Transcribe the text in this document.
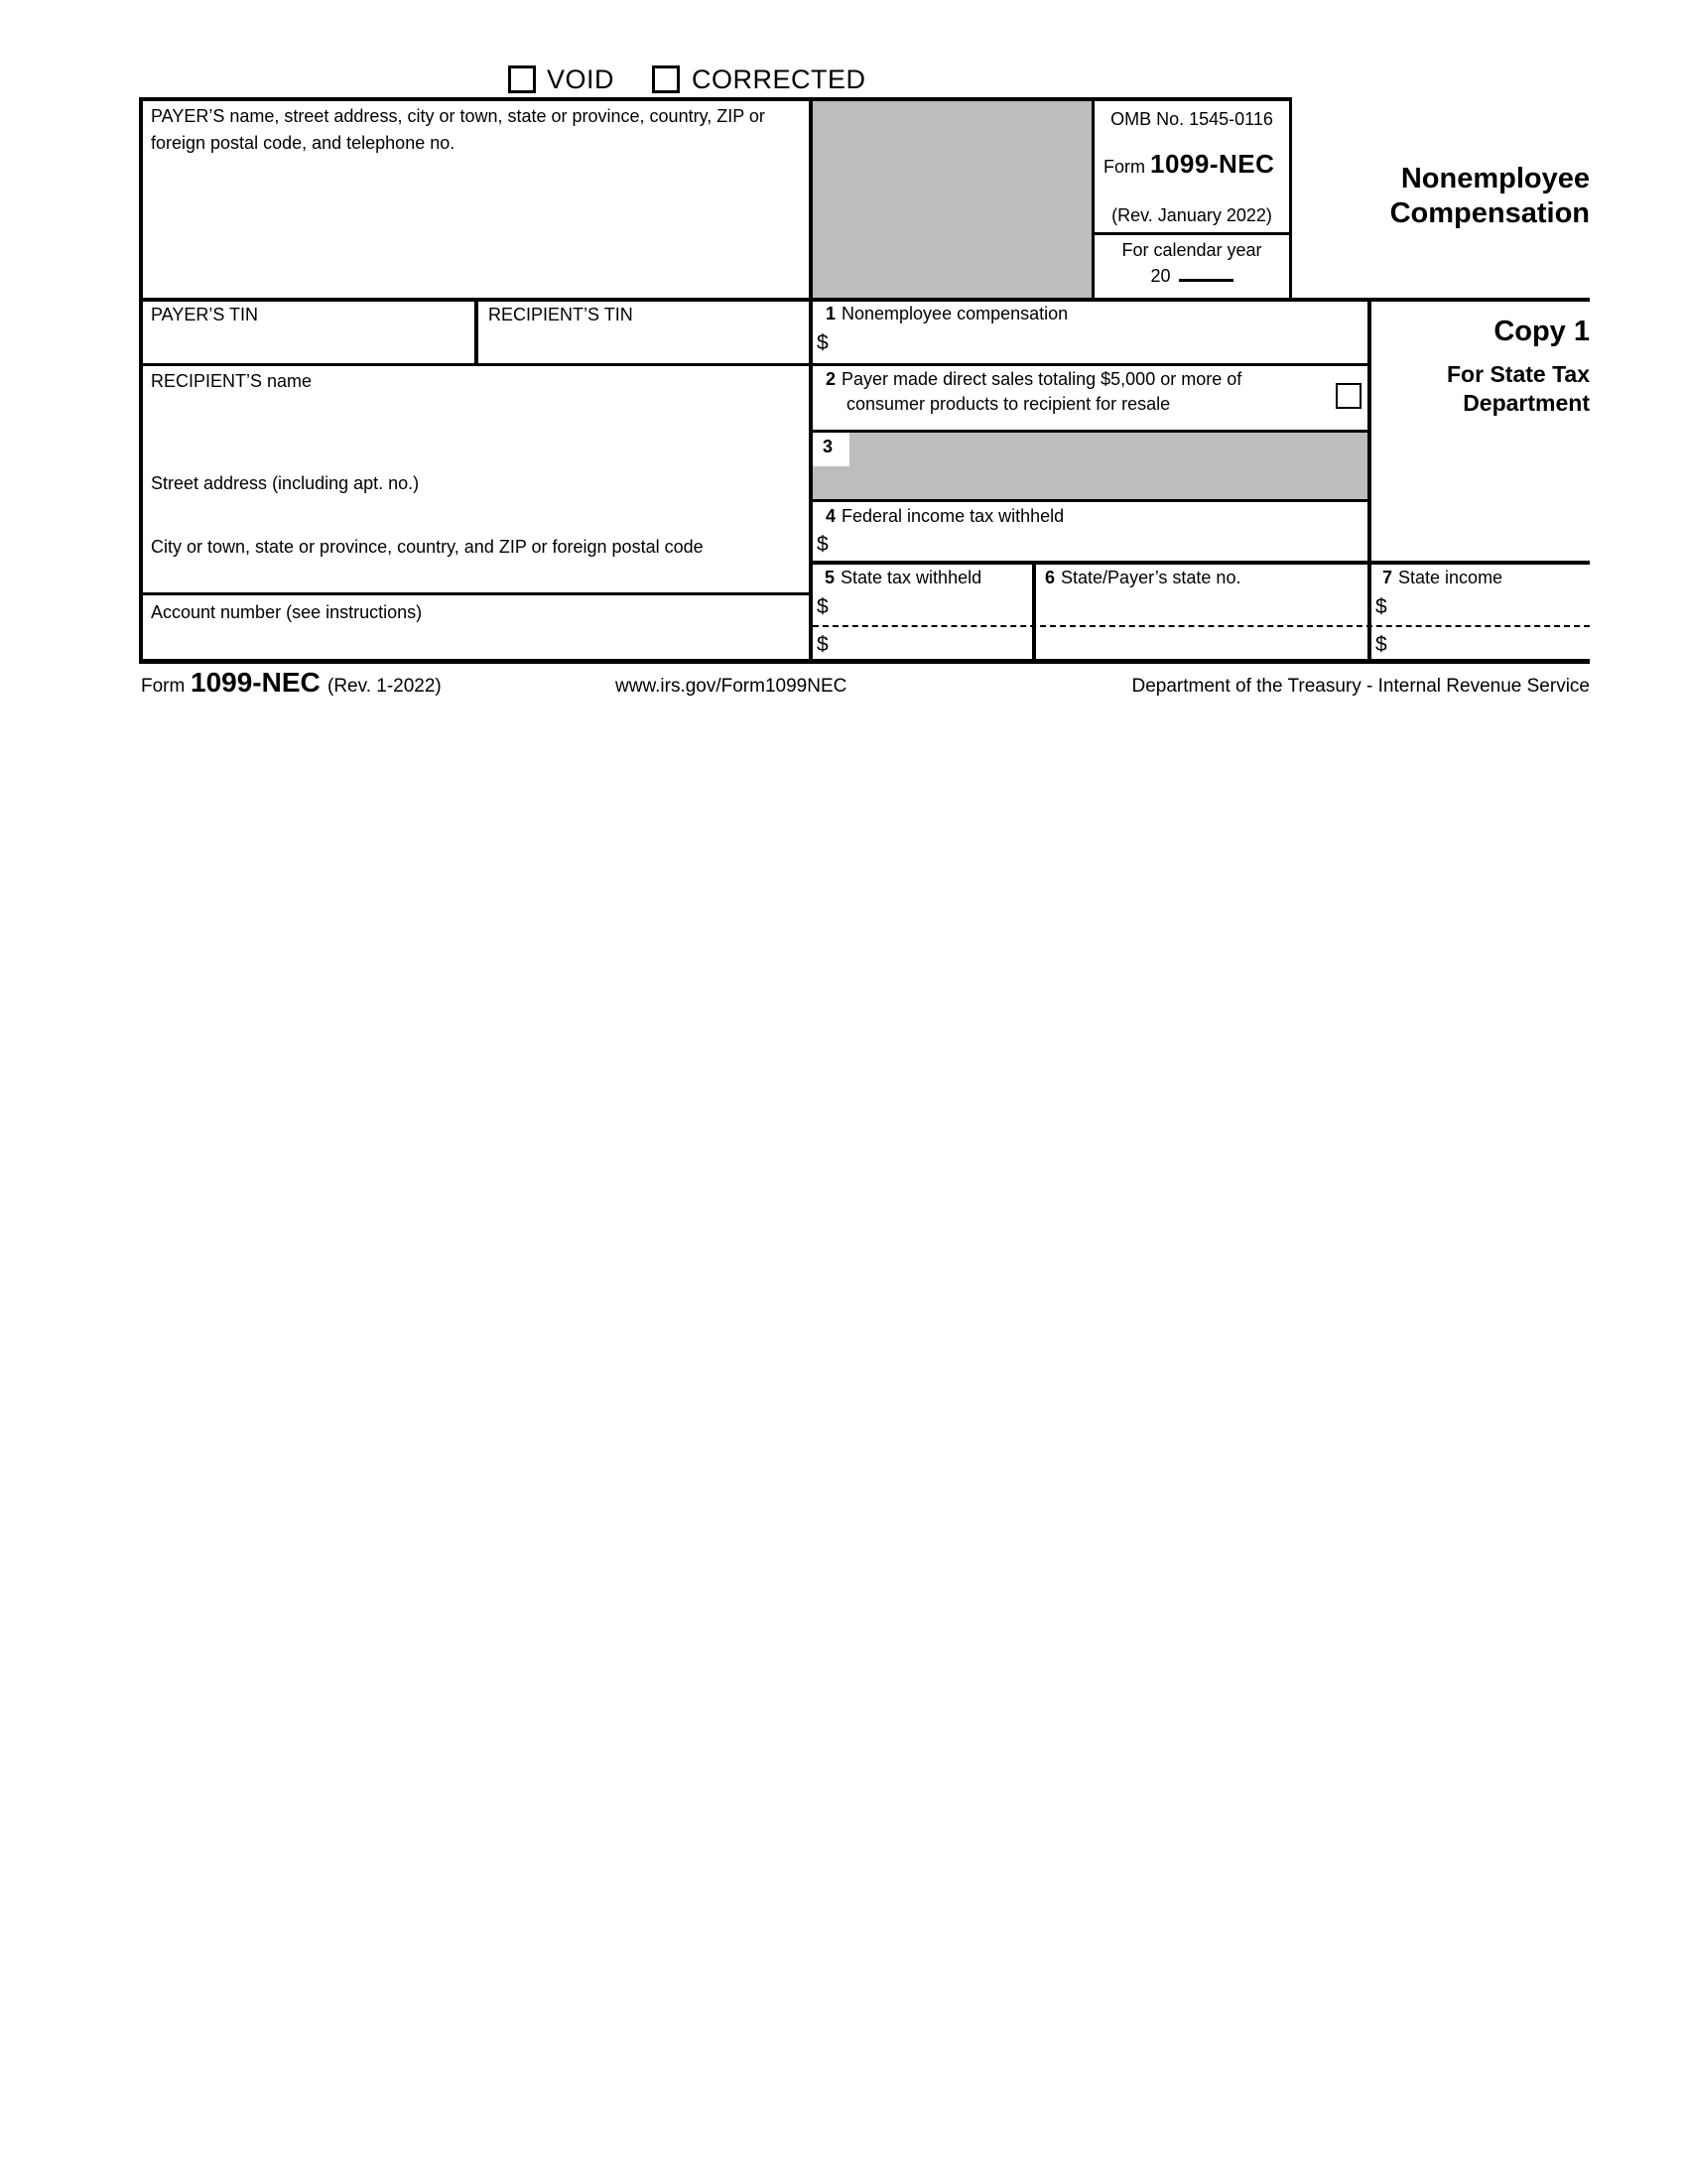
VOID	CORRECTED
PAYER’S name, street address, city or town, state or province, country, ZIP or foreign postal code, and telephone no.
OMB No. 1545-0116
Form 1099-NEC
(Rev. January 2022)
For calendar year
20
Nonemployee
Compensation
PAYER’S TIN	RECIPIENT’S TIN
RECIPIENT’S name
Street address (including apt. no.)
City or town, state or province, country, and ZIP or foreign postal code
Account number (see instructions)
1 Nonemployee compensation
$
2 Payer made direct sales totaling $5,000 or more of
consumer products to recipient for resale
3
4 Federal income tax withheld
$
5 State tax withheld
$
$
6 State/Payer’s state no.	7 State income
$
$
Copy 1
For State Tax
Department
Form 1099-NEC (Rev. 1-2022)	www.irs.gov/Form1099NEC	Department of the Treasury - Internal Revenue Service
